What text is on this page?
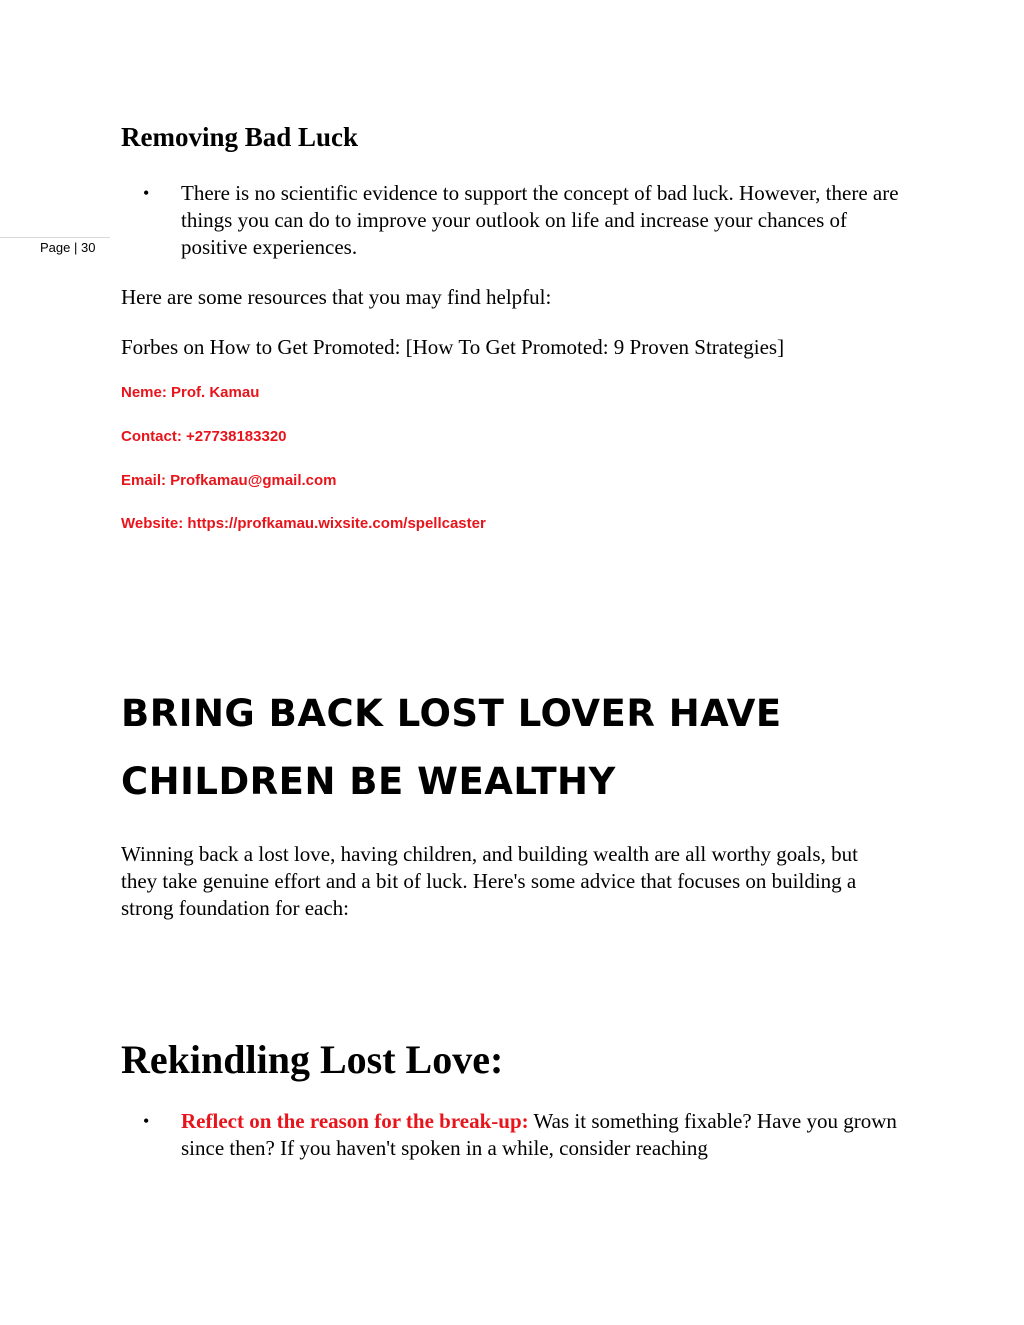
Page | 30
Removing Bad Luck
• There is no scientific evidence to support the concept of bad luck. However, there are things you can do to improve your outlook on life and increase your chances of positive experiences.

Here are some resources that you may find helpful:

Forbes on How to Get Promoted: [How To Get Promoted: 9 Proven Strategies]

Neme: Prof. Kamau

Contact: +27738183320

Email: Profkamau@gmail.com

Website: https://profkamau.wixsite.com/spellcaster

BRING BACK LOST LOVER HAVE CHILDREN BE WEALTHY

Winning back a lost love, having children, and building wealth are all worthy goals, but they take genuine effort and a bit of luck. Here's some advice that focuses on building a strong foundation for each:

Rekindling Lost Love:
• Reflect on the reason for the break-up: Was it something fixable? Have you grown since then? If you haven't spoken in a while, consider reaching
